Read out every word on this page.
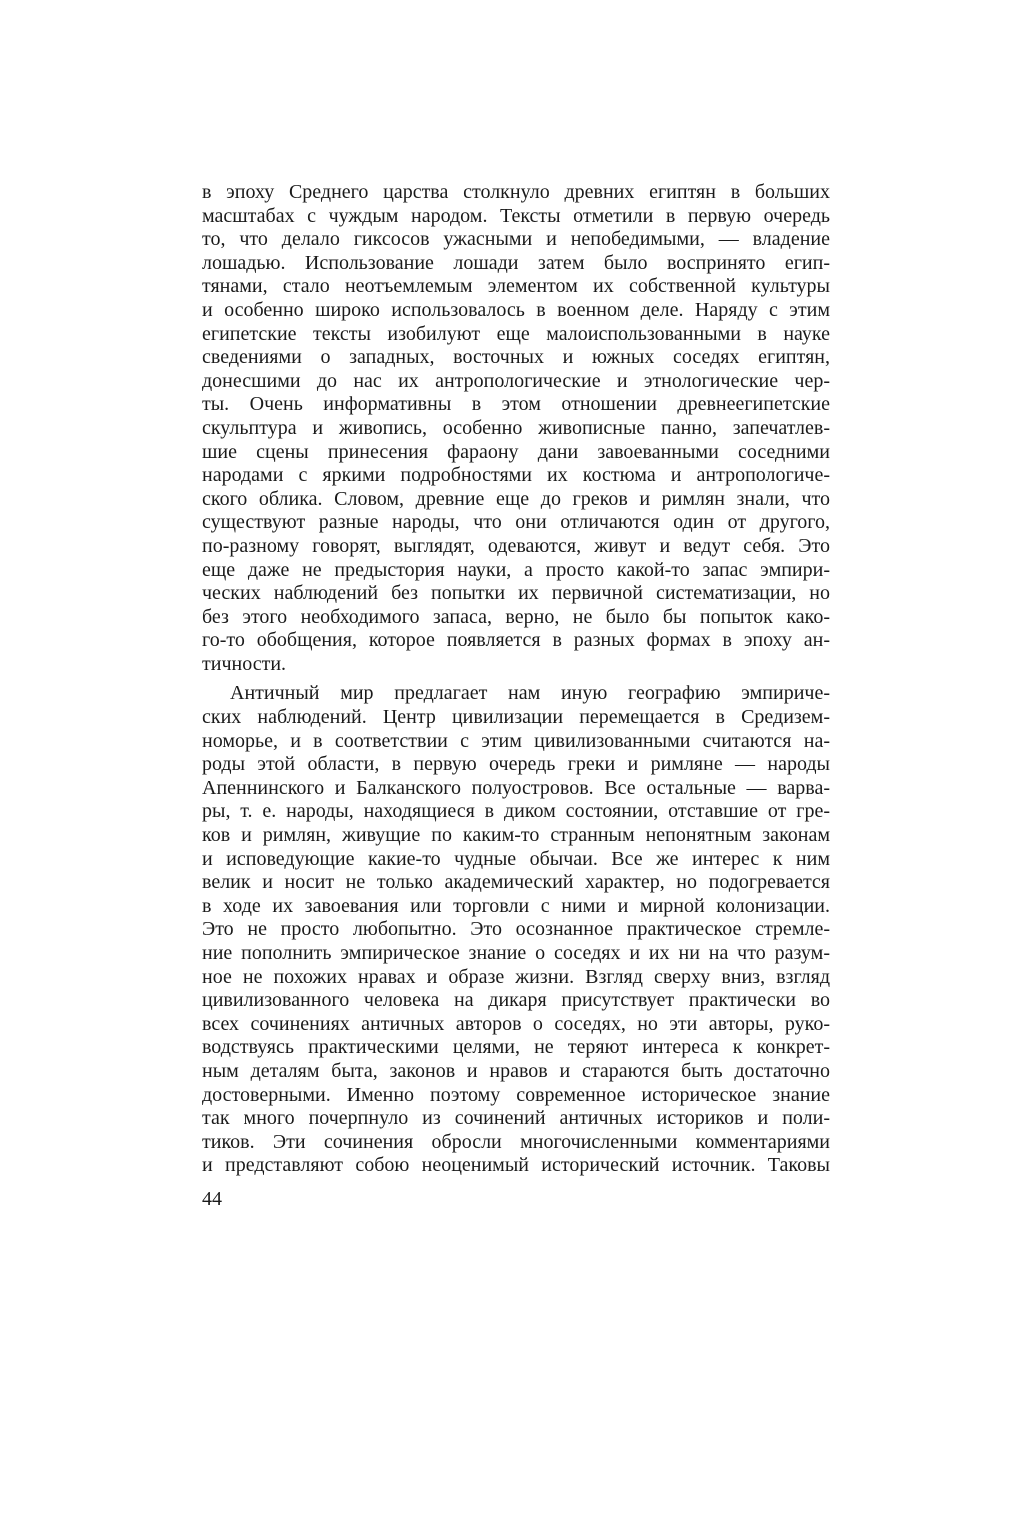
в эпоху Среднего царства столкнуло древних египтян в больших
масштабах с чуждым народом. Тексты отметили в первую очередь
то, что делало гиксосов ужасными и непобедимыми, — владение
лошадью. Использование лошади затем было воспринято егип-
тянами, стало неотъемлемым элементом их собственной культуры
и особенно широко использовалось в военном деле. Наряду с этим
египетские тексты изобилуют еще малоиспользованными в науке
сведениями о западных, восточных и южных соседях египтян,
донесшими до нас их антропологические и этнологические чер-
ты. Очень информативны в этом отношении древнеегипетские
скульптура и живопись, особенно живописные панно, запечатлев-
шие сцены принесения фараону дани завоеванными соседними
народами с яркими подробностями их костюма и антропологиче-
ского облика. Словом, древние еще до греков и римлян знали, что
существуют разные народы, что они отличаются один от другого,
по-разному говорят, выглядят, одеваются, живут и ведут себя. Это
еще даже не предыстория науки, а просто какой-то запас эмпири-
ческих наблюдений без попытки их первичной систематизации, но
без этого необходимого запаса, верно, не было бы попыток како-
го-то обобщения, которое появляется в разных формах в эпоху ан-
тичности.
Античный мир предлагает нам иную географию эмпириче-
ских наблюдений. Центр цивилизации перемещается в Средизем-
номорье, и в соответствии с этим цивилизованными считаются на-
роды этой области, в первую очередь греки и римляне — народы
Апеннинского и Балканского полуостровов. Все остальные — варва-
ры, т. е. народы, находящиеся в диком состоянии, отставшие от гре-
ков и римлян, живущие по каким-то странным непонятным законам
и исповедующие какие-то чудные обычаи. Все же интерес к ним
велик и носит не только академический характер, но подогревается
в ходе их завоевания или торговли с ними и мирной колонизации.
Это не просто любопытно. Это осознанное практическое стремле-
ние пополнить эмпирическое знание о соседях и их ни на что разум-
ное не похожих нравах и образе жизни. Взгляд сверху вниз, взгляд
цивилизованного человека на дикаря присутствует практически во
всех сочинениях античных авторов о соседях, но эти авторы, руко-
водствуясь практическими целями, не теряют интереса к конкрет-
ным деталям быта, законов и нравов и стараются быть достаточно
достоверными. Именно поэтому современное историческое знание
так много почерпнуло из сочинений античных историков и поли-
тиков. Эти сочинения обросли многочисленными комментариями
и представляют собою неоценимый исторический источник. Таковы
44
